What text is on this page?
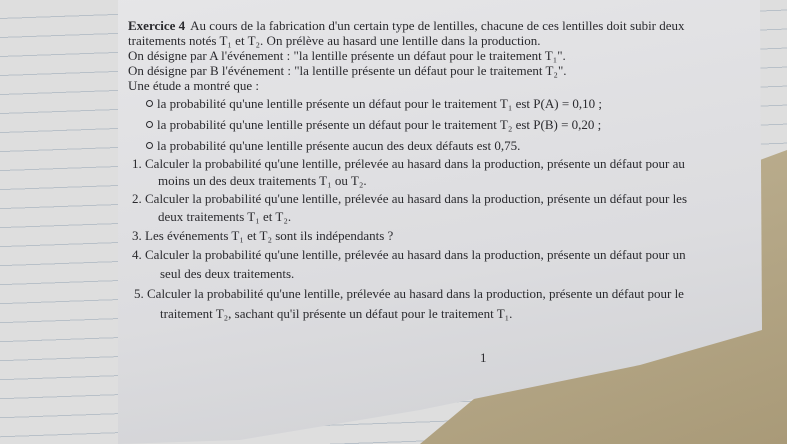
Exercice 4 Au cours de la fabrication d'un certain type de lentilles, chacune de ces lentilles doit subir deux
traitements notés T₁ et T₂. On prélève au hasard une lentille dans la production.
On désigne par A l'événement : "la lentille présente un défaut pour le traitement T₁".
On désigne par B l'événement : "la lentille présente un défaut pour le traitement T₂".
Une étude a montré que :
la probabilité qu'une lentille présente un défaut pour le traitement T₁ est P(A) = 0,10 ;
la probabilité qu'une lentille présente un défaut pour le traitement T₂ est P(B) = 0,20 ;
la probabilité qu'une lentille présente aucun des deux défauts est 0,75.
1. Calculer la probabilité qu'une lentille, prélevée au hasard dans la production, présente un défaut pour au
moins un des deux traitements T₁ ou T₂.
2. Calculer la probabilité qu'une lentille, prélevée au hasard dans la production, présente un défaut pour les
deux traitements T₁ et T₂.
3. Les événements T₁ et T₂ sont ils indépendants ?
4. Calculer la probabilité qu'une lentille, prélevée au hasard dans la production, présente un défaut pour un
seul des deux traitements.
5. Calculer la probabilité qu'une lentille, prélevée au hasard dans la production, présente un défaut pour le
traitement T₂, sachant qu'il présente un défaut pour le traitement T₁.
1
